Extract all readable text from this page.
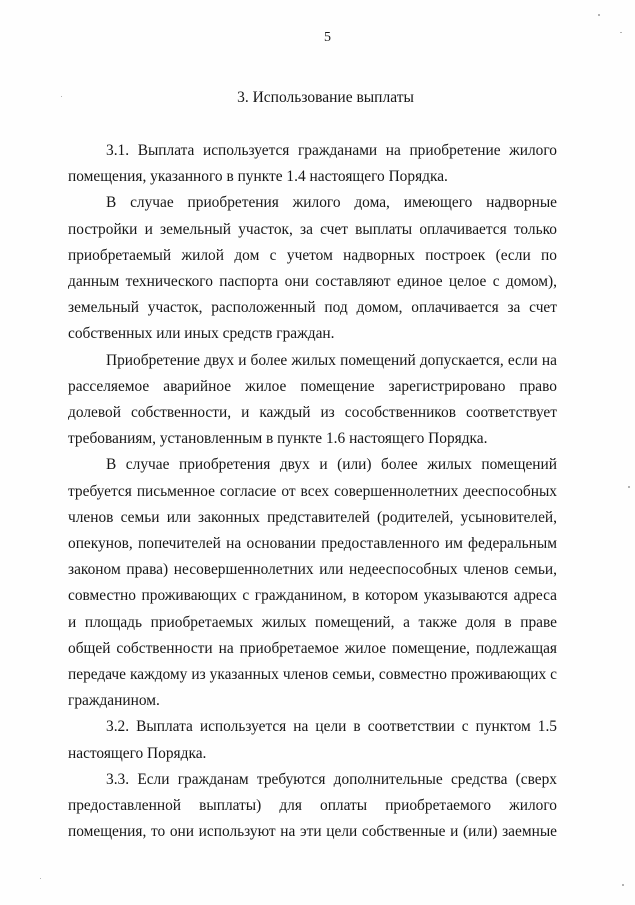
5
3. Использование выплаты

3.1. Выплата используется гражданами на приобретение жилого помещения, указанного в пункте 1.4 настоящего Порядка.

В случае приобретения жилого дома, имеющего надворные постройки и земельный участок, за счет выплаты оплачивается только приобретаемый жилой дом с учетом надворных построек (если по данным технического паспорта они составляют единое целое с домом), земельный участок, расположенный под домом, оплачивается за счет собственных или иных средств граждан.

Приобретение двух и более жилых помещений допускается, если на расселяемое аварийное жилое помещение зарегистрировано право долевой собственности, и каждый из сособственников соответствует требованиям, установленным в пункте 1.6 настоящего Порядка.

В случае приобретения двух и (или) более жилых помещений требуется письменное согласие от всех совершеннолетних дееспособных членов семьи или законных представителей (родителей, усыновителей, опекунов, попечителей на основании предоставленного им федеральным законом права) несовершеннолетних или недееспособных членов семьи, совместно проживающих с гражданином, в котором указываются адреса и площадь приобретаемых жилых помещений, а также доля в праве общей собственности на приобретаемое жилое помещение, подлежащая передаче каждому из указанных членов семьи, совместно проживающих с гражданином.

3.2. Выплата используется на цели в соответствии с пунктом 1.5 настоящего Порядка.

3.3. Если гражданам требуются дополнительные средства (сверх предоставленной выплаты) для оплаты приобретаемого жилого помещения, то они используют на эти цели собственные и (или) заемные
